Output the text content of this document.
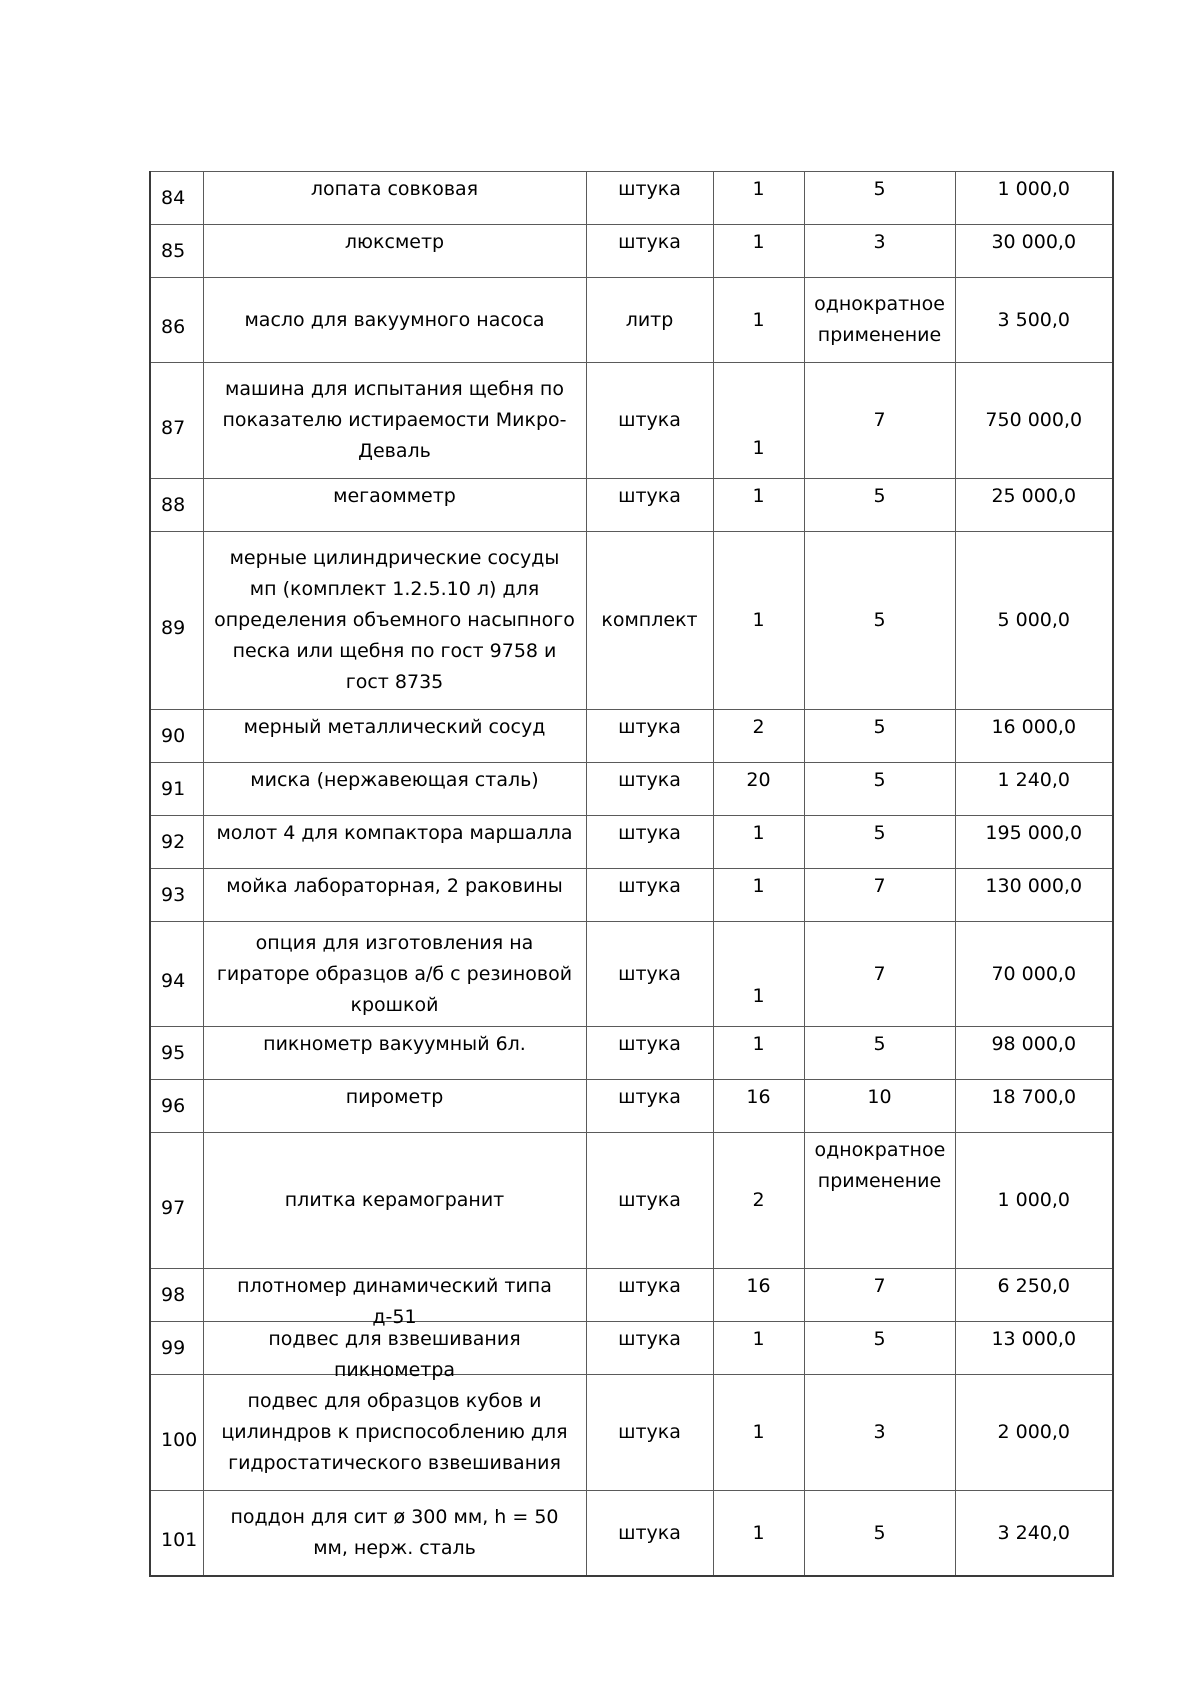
84	лопата совковая	штука	1	5	1 000,0

85	люксметр	штука	1	3	30 000,0

86	масло для вакуумного насоса	литр	1	однократное применение	3 500,0

87	машина для испытания щебня по показателю истираемости Микро-Деваль	штука	1	7	750 000,0

88	мегаомметр	штука	1	5	25 000,0

89	мерные цилиндрические сосуды мп (комплект 1.2.5.10 л) для определения объемного насыпного песка или щебня по гост 9758 и гост 8735	комплект	1	5	5 000,0

90	мерный металлический сосуд	штука	2	5	16 000,0

91	миска (нержавеющая сталь)	штука	20	5	1 240,0

92	молот 4 для компактора маршалла	штука	1	5	195 000,0

93	мойка лабораторная, 2 раковины	штука	1	7	130 000,0

94	опция для изготовления на гираторе образцов а/б с резиновой крошкой	штука	1	7	70 000,0

95	пикнометр вакуумный 6л.	штука	1	5	98 000,0

96	пирометр	штука	16	10	18 700,0

97	плитка керамогранит	штука	2	однократное применение	1 000,0

98	плотномер динамический типа д-51	штука	16	7	6 250,0

99	подвес для взвешивания пикнометра	штука	1	5	13 000,0

100	подвес для образцов кубов и цилиндров к приспособлению для гидростатического взвешивания	штука	1	3	2 000,0

101	поддон для сит ø 300 мм, h = 50 мм, нерж. сталь	штука	1	5	3 240,0
